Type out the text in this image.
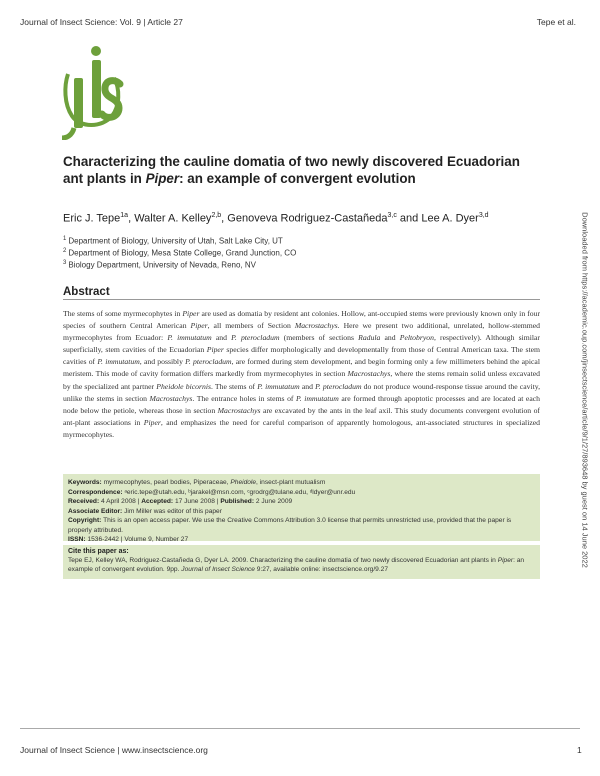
Journal of Insect Science: Vol. 9 | Article 27	Tepe et al.
Characterizing the cauline domatia of two newly discovered Ecuadorian ant plants in Piper: an example of convergent evolution
Eric J. Tepe$^{1a}$, Walter A. Kelley$^{2,b}$, Genoveva Rodriguez-Castañeda$^{3,c}$ and Lee A. Dyer$^{3,d}$
$^1$ Department of Biology, University of Utah, Salt Lake City, UT
$^2$ Department of Biology, Mesa State College, Grand Junction, CO
$^3$ Biology Department, University of Nevada, Reno, NV
Abstract
The stems of some myrmecophytes in Piper are used as domatia by resident ant colonies. Hollow, ant-occupied stems were previously known only in four species of southern Central American Piper, all members of Section Macrostachys. Here we present two additional, unrelated, hollow-stemmed myrmecophytes from Ecuador: P. immutatum and P. pterocladum (members of sections Radula and Peltobryon, respectively). Although similar superficially, stem cavities of the Ecuadorian Piper species differ morphologically and developmentally from those of Central American taxa. The stem cavities of P. immutatum, and possibly P. pterocladum, are formed during stem development, and begin forming only a few millimeters behind the apical meristem. This mode of cavity formation differs markedly from myrmecophytes in section Macrostachys, where the stems remain solid unless excavated by the specialized ant partner Pheidole bicornis. The stems of P. immutatum and P. pterocladum do not produce wound-response tissue around the cavity, unlike the stems in section Macrostachys. The entrance holes in stems of P. immutatum are formed through apoptotic processes and are located at each node below the petiole, whereas those in section Macrostachys are excavated by the ants in the leaf axil. This study documents convergent evolution of ant-plant associations in Piper, and emphasizes the need for careful comparison of apparently homologous, ant-associated structures in specialized myrmecophytes.
Keywords: myrmecophytes, pearl bodies, Piperaceae, Pheidole, insect-plant mutualism
Correspondence: ᵃeric.tepe@utah.edu, ᵇjarakel@msn.com, ᶜgrodrg@tulane.edu, ᵈldyer@unr.edu
Received: 4 April 2008 | Accepted: 17 June 2008 | Published: 2 June 2009
Associate Editor: Jim Miller was editor of this paper
Copyright: This is an open access paper. We use the Creative Commons Attribution 3.0 license that permits unrestricted use, provided that the paper is properly attributed.
ISSN: 1536-2442 | Volume 9, Number 27
Cite this paper as:
Tepe EJ, Kelley WA, Rodriguez-Castañeda G, Dyer LA. 2009. Characterizing the cauline domatia of two newly discovered Ecuadorian ant plants in Piper: an example of convergent evolution. 9pp. Journal of Insect Science 9:27, available online: insectscience.org/9.27
Downloaded from https://academic.oup.com/jinsectscience/article/9/1/27/893648 by guest on 14 June 2022
Journal of Insect Science | www.insectscience.org	1
